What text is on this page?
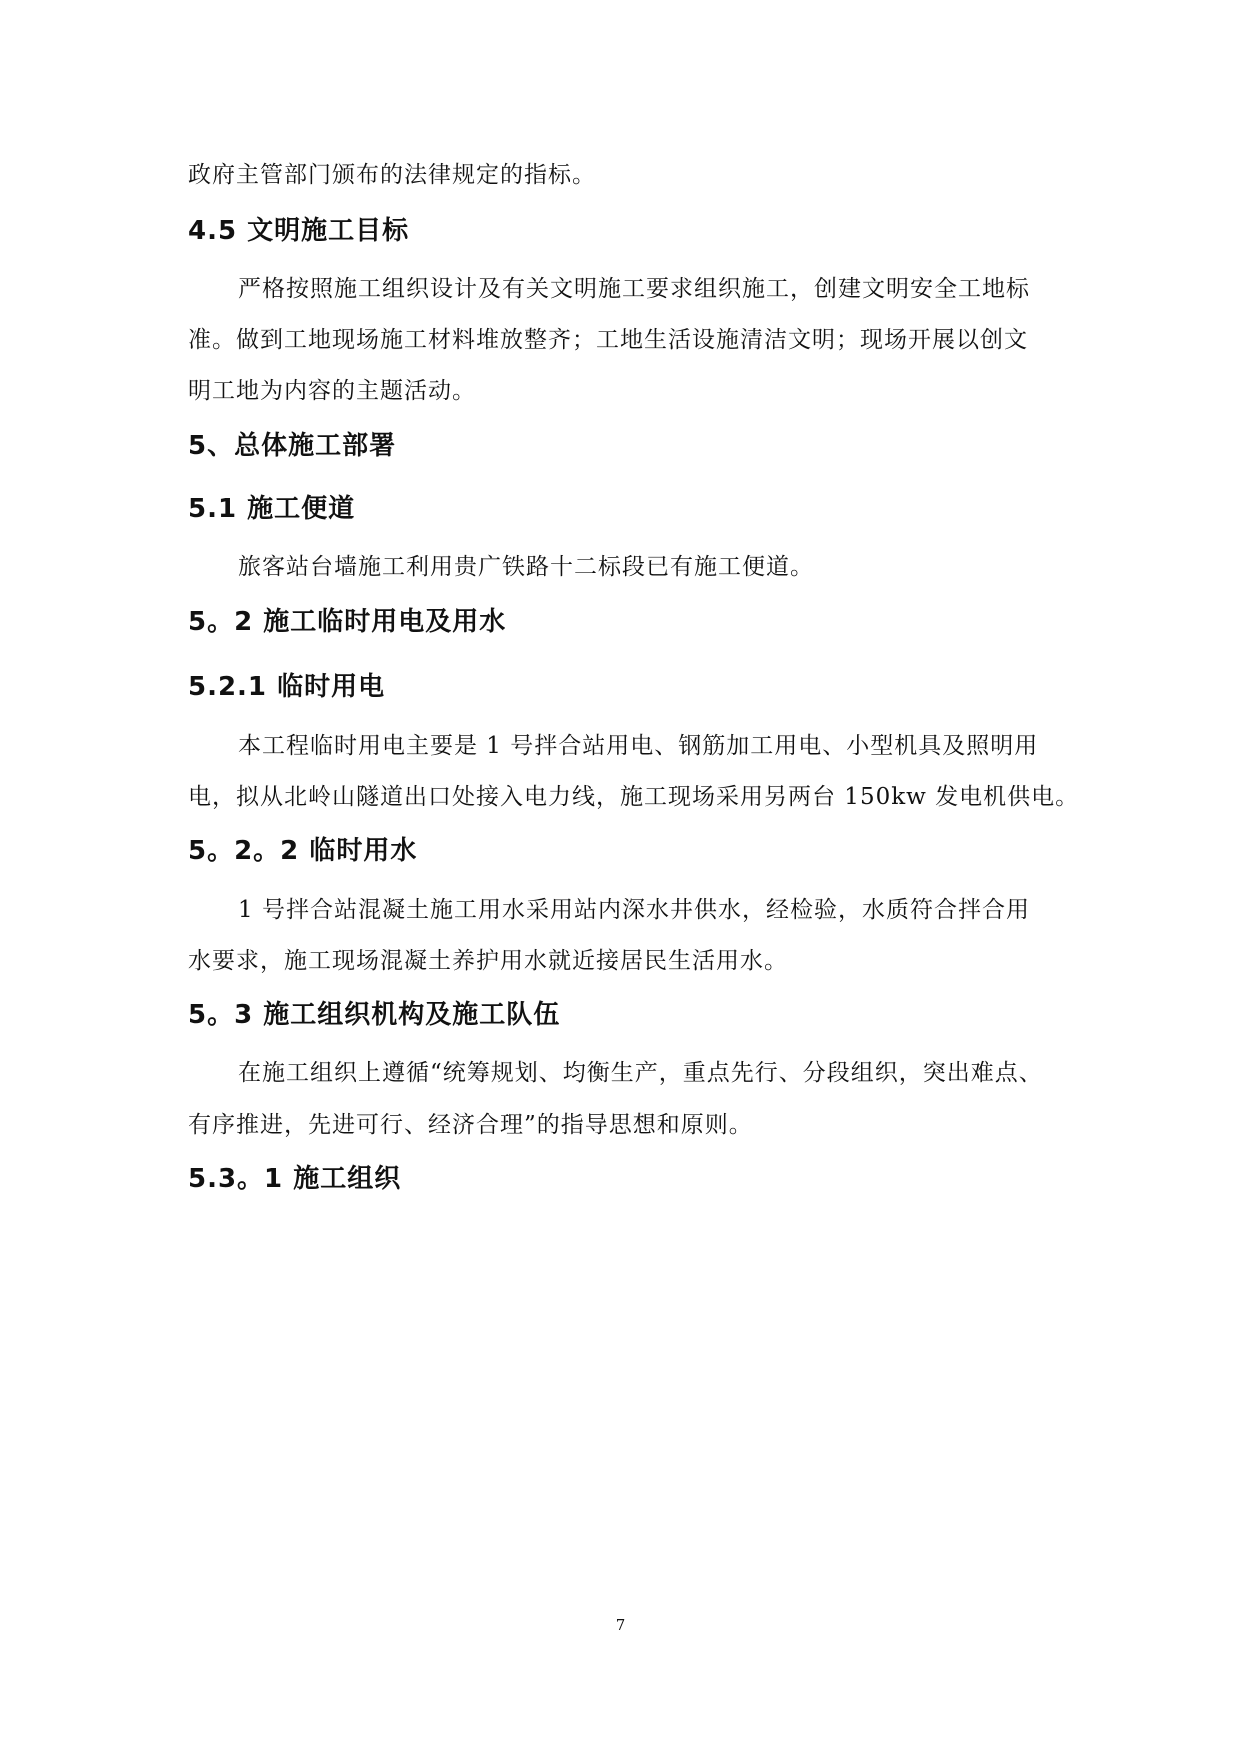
政府主管部门颁布的法律规定的指标。
4.5 文明施工目标
严格按照施工组织设计及有关文明施工要求组织施工，创建文明安全工地标
准。做到工地现场施工材料堆放整齐；工地生活设施清洁文明；现场开展以创文
明工地为内容的主题活动。
5、总体施工部署
5.1 施工便道
旅客站台墙施工利用贵广铁路十二标段已有施工便道。
5。2 施工临时用电及用水
5.2.1 临时用电
本工程临时用电主要是 1 号拌合站用电、钢筋加工用电、小型机具及照明用
电，拟从北岭山隧道出口处接入电力线，施工现场采用另两台 150kw 发电机供电。
5。2。2 临时用水
1 号拌合站混凝土施工用水采用站内深水井供水，经检验，水质符合拌合用
水要求，施工现场混凝土养护用水就近接居民生活用水。
5。3 施工组织机构及施工队伍
在施工组织上遵循“统筹规划、均衡生产，重点先行、分段组织，突出难点、
有序推进，先进可行、经济合理”的指导思想和原则。
5.3。1 施工组织
7
